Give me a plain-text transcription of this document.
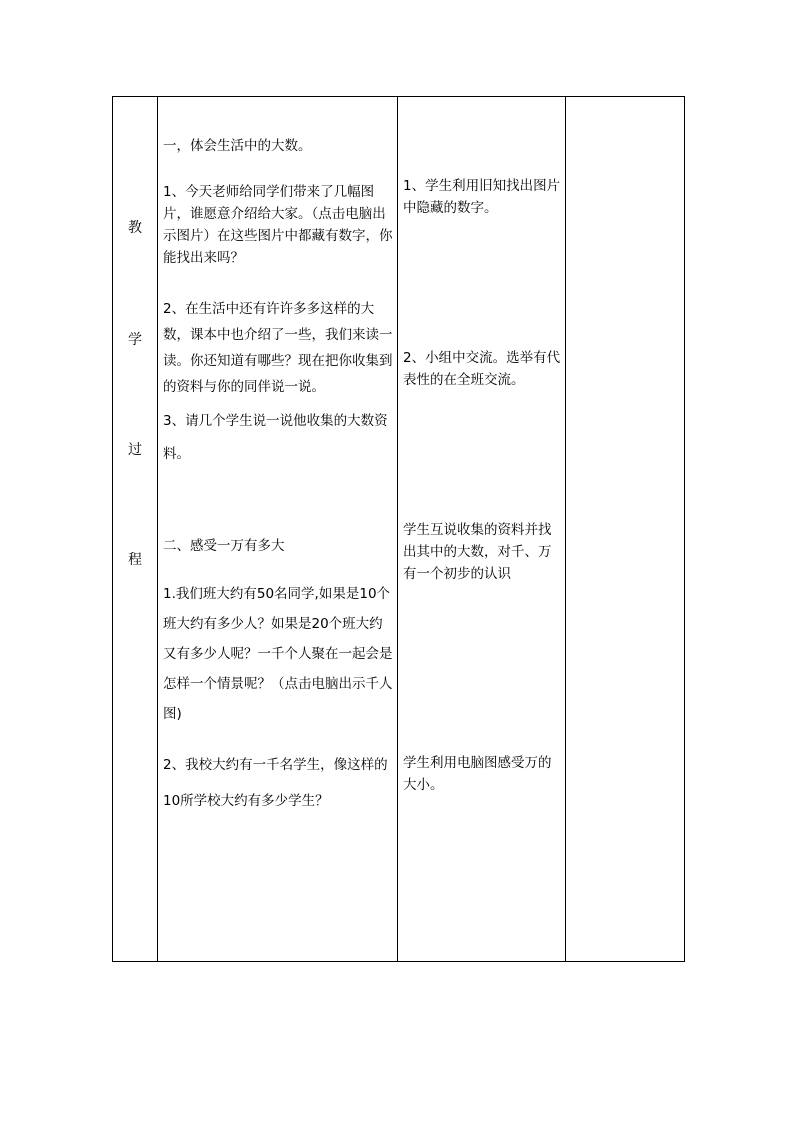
教
学
过
程

一，体会生活中的大数。

1、今天老师给同学们带来了几幅图片，谁愿意介绍给大家。（点击电脑出示图片）在这些图片中都藏有数字，你能找出来吗？

2、在生活中还有许许多多这样的大数，课本中也介绍了一些，我们来读一读。你还知道有哪些？现在把你收集到的资料与你的同伴说一说。

3、请几个学生说一说他收集的大数资料。

二、感受一万有多大

1.我们班大约有50名同学,如果是10个班大约有多少人？如果是20个班大约又有多少人呢？一千个人聚在一起会是怎样一个情景呢？（点击电脑出示千人图)

2、我校大约有一千名学生，像这样的10所学校大约有多少学生？

1、学生利用旧知找出图片中隐藏的数字。

2、小组中交流。选举有代表性的在全班交流。

学生互说收集的资料并找出其中的大数，对千、万有一个初步的认识

学生利用电脑图感受万的大小。
